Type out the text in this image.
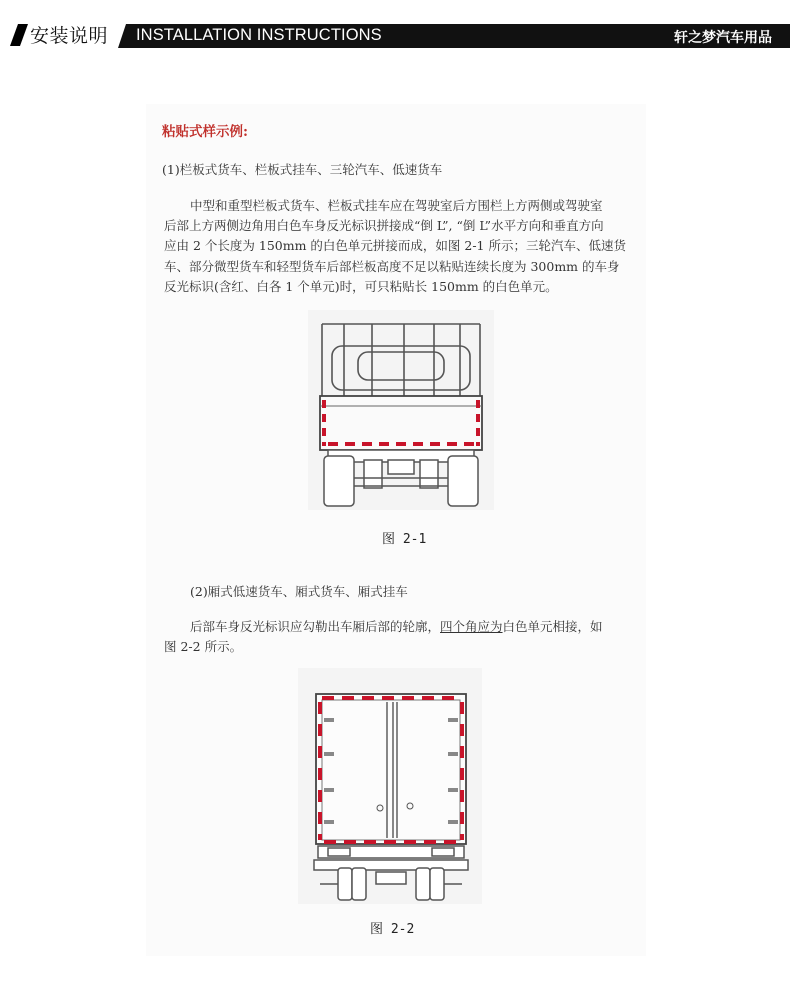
安装说明 INSTALLATION INSTRUCTIONS	轩之梦汽车用品
粘贴式样示例:
(1)栏板式货车、栏板式挂车、三轮汽车、低速货车
中型和重型栏板式货车、栏板式挂车应在驾驶室后方围栏上方两侧或驾驶室
后部上方两侧边角用白色车身反光标识拼接成“倒 L”, “倒 L”水平方向和垂直方向
应由 2 个长度为 150mm 的白色单元拼接而成，如图 2-1 所示；三轮汽车、低速货
车、部分微型货车和轻型货车后部栏板高度不足以粘贴连续长度为 300mm 的车身
反光标识(含红、白各 1 个单元)时，可只粘贴长 150mm 的白色单元。
图 2-1
(2)厢式低速货车、厢式货车、厢式挂车
后部车身反光标识应勾勒出车厢后部的轮廓，四个角应为白色单元相接，如
图 2-2 所示。
图 2-2
